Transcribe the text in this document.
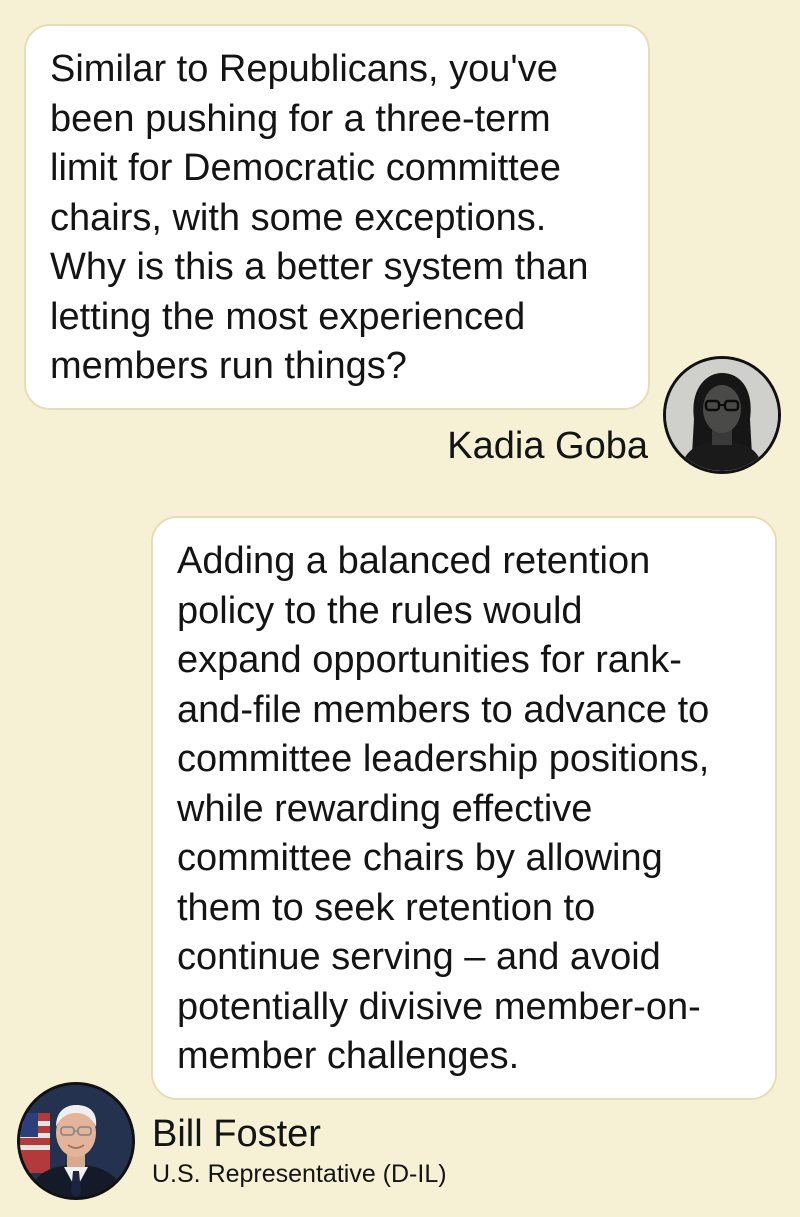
Similar to Republicans, you've
been pushing for a three-term
limit for Democratic committee
chairs, with some exceptions.
Why is this a better system than
letting the most experienced
members run things?

Kadia Goba

Adding a balanced retention
policy to the rules would
expand opportunities for rank-
and-file members to advance to
committee leadership positions,
while rewarding effective
committee chairs by allowing
them to seek retention to
continue serving – and avoid
potentially divisive member-on-
member challenges.

Bill Foster
U.S. Representative (D-IL)
